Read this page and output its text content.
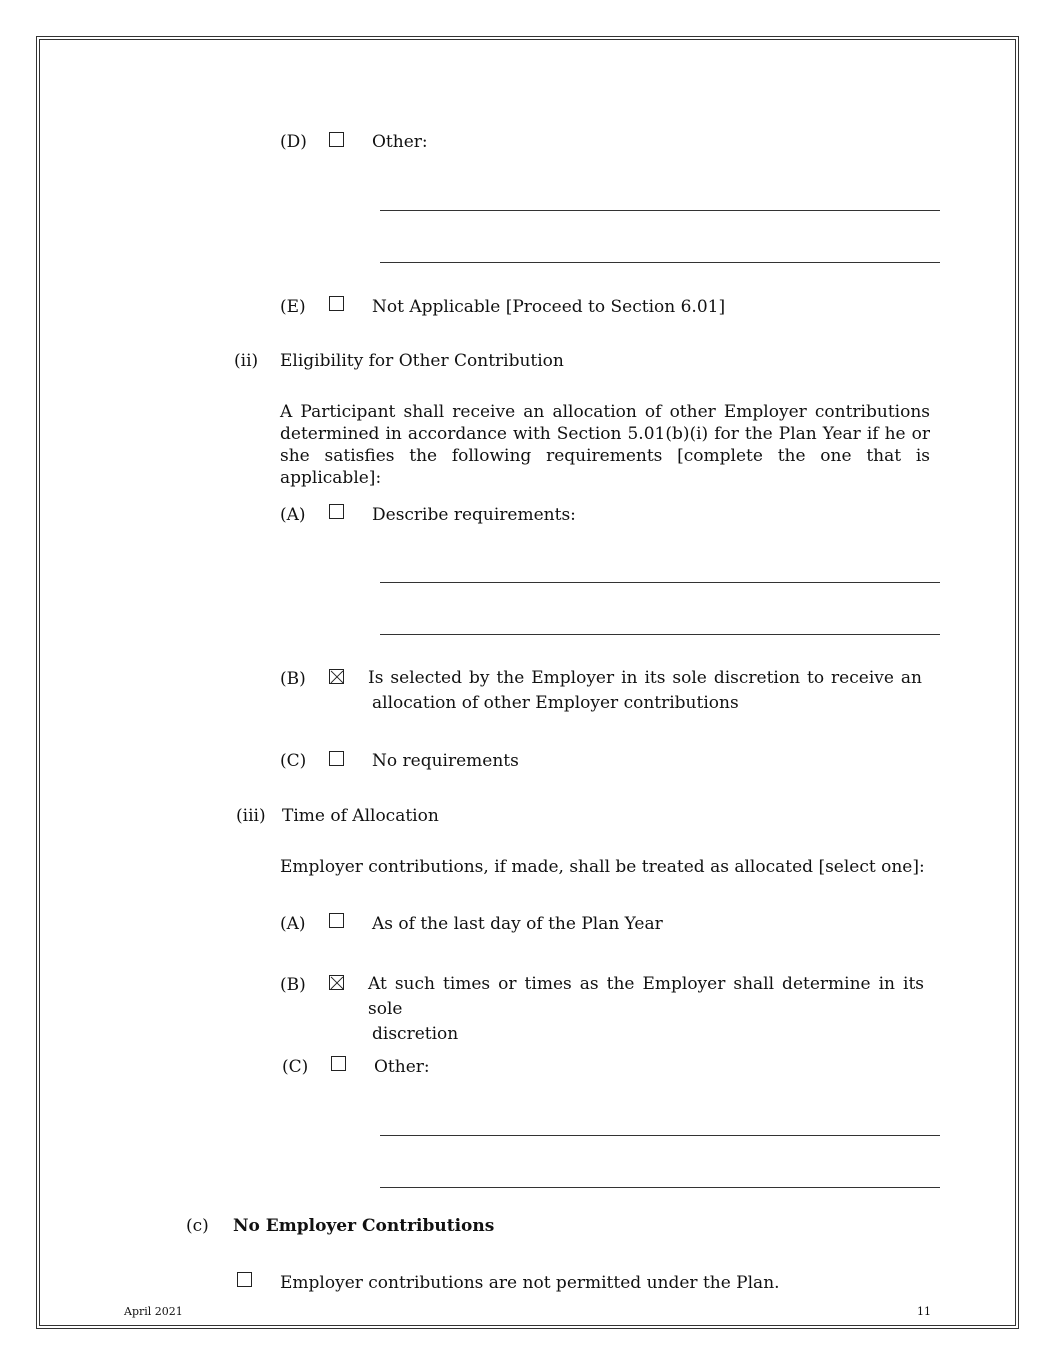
(D)	Other:
(E)	Not Applicable [Proceed to Section 6.01]
(ii) Eligibility for Other Contribution
A Participant shall receive an allocation of other Employer contributions determined in accordance with Section 5.01(b)(i) for the Plan Year if he or she satisfies the following requirements [complete the one that is applicable]:
(A)	Describe requirements:
(B)	Is selected by the Employer in its sole discretion to receive an
allocation of other Employer contributions
(C)	No requirements
(iii) Time of Allocation
Employer contributions, if made, shall be treated as allocated [select one]:
(A)	As of the last day of the Plan Year
(B)	At such times or times as the Employer shall determine in its sole
discretion
(C)	Other:
(c) No Employer Contributions
Employer contributions are not permitted under the Plan.
April 2021	11
